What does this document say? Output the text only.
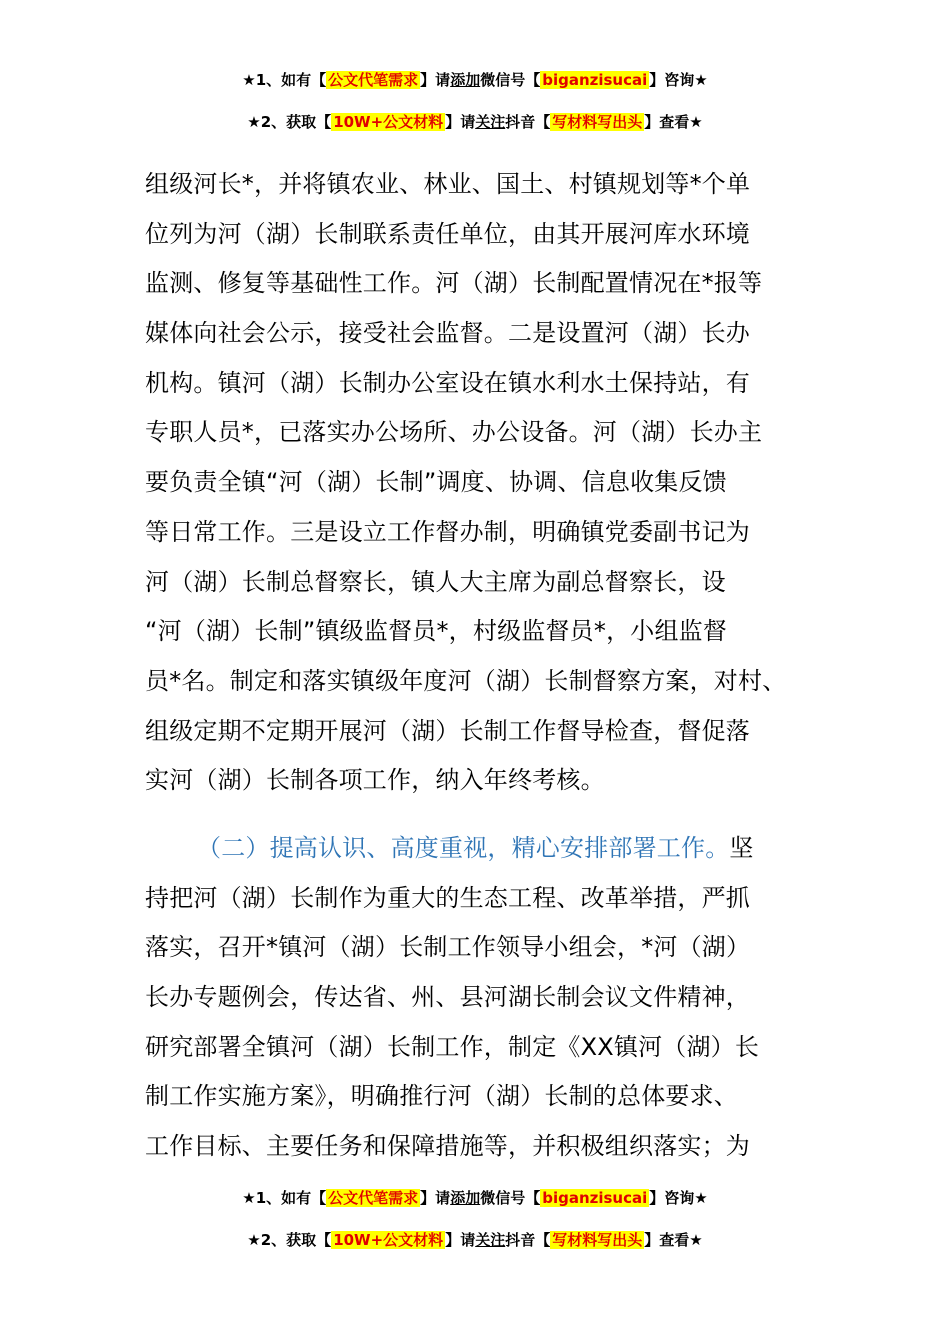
★1、如有【 公文代笔需求 】请添加微信号【 biganzisucai 】咨询★
★2、获取【 10W+公文材料 】请关注抖音【 写材料写出头 】查看★
组级河长*，并将镇农业、林业、国土、村镇规划等*个单
位列为河（湖）长制联系责任单位，由其开展河库水环境
监测、修复等基础性工作。河（湖）长制配置情况在*报等
媒体向社会公示，接受社会监督。二是设置河（湖）长办
机构。镇河（湖）长制办公室设在镇水利水土保持站，有
专职人员*，已落实办公场所、办公设备。河（湖）长办主
要负责全镇“河（湖）长制”调度、协调、信息收集反馈
等日常工作。三是设立工作督办制，明确镇党委副书记为
河（湖）长制总督察长，镇人大主席为副总督察长，设
“河（湖）长制”镇级监督员*，村级监督员*，小组监督
员*名。制定和落实镇级年度河（湖）长制督察方案，对村、
组级定期不定期开展河（湖）长制工作督导检查，督促落
实河（湖）长制各项工作，纳入年终考核。
（二）提高认识、高度重视，精心安排部署工作。坚
持把河（湖）长制作为重大的生态工程、改革举措，严抓
落实，召开*镇河（湖）长制工作领导小组会，*河（湖）
长办专题例会，传达省、州、县河湖长制会议文件精神，
研究部署全镇河（湖）长制工作，制定《XX镇河（湖）长
制工作实施方案》，明确推行河（湖）长制的总体要求、
工作目标、主要任务和保障措施等，并积极组织落实；为
★1、如有【 公文代笔需求 】请添加微信号【 biganzisucai 】咨询★
★2、获取【 10W+公文材料 】请关注抖音【 写材料写出头 】查看★
